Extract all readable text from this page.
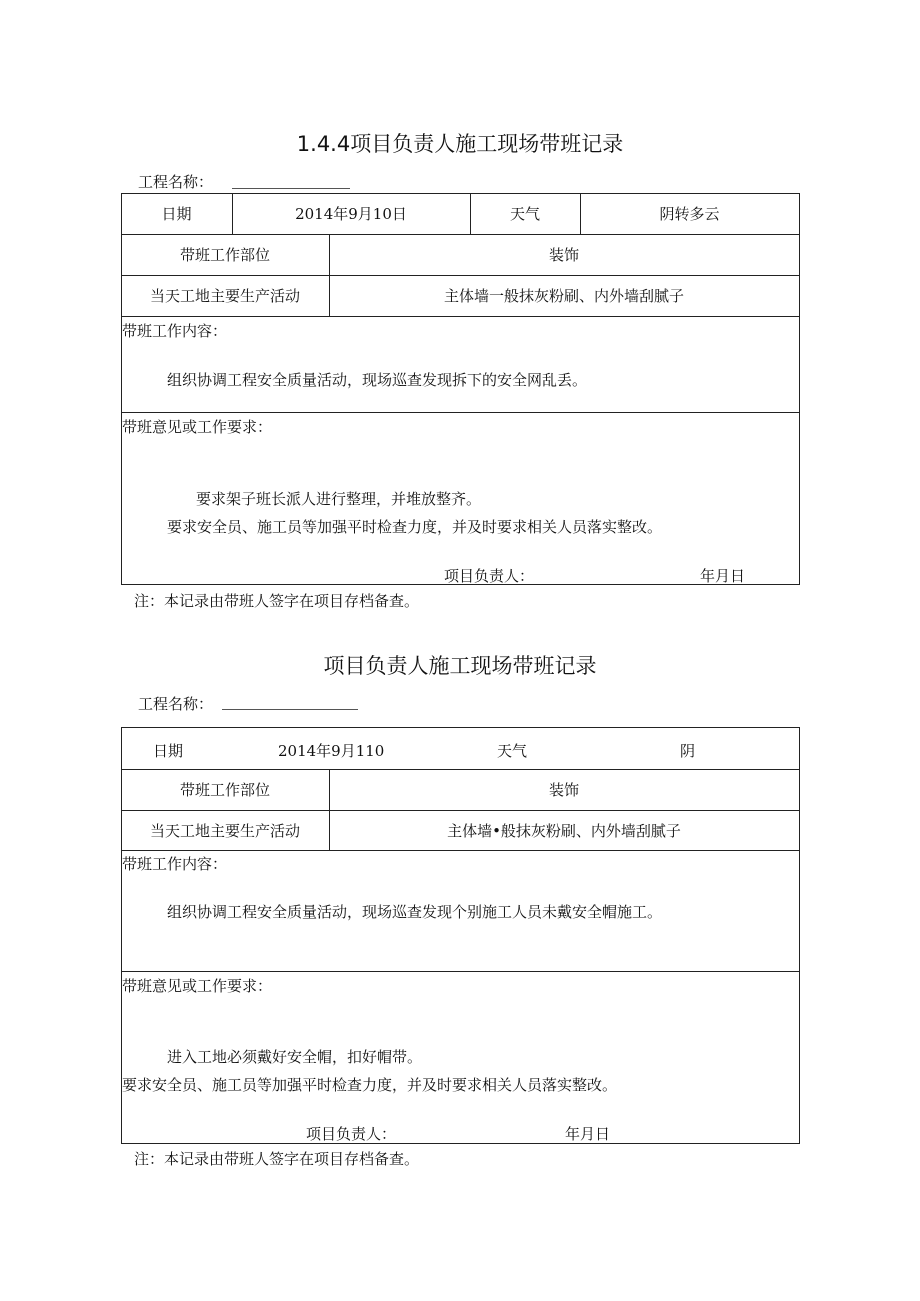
1.4.4项目负责人施工现场带班记录
工程名称：
日期	2014年9月10日	天气	阴转多云
带班工作部位	装饰
当天工地主要生产活动	主体墙一般抹灰粉刷、内外墙刮腻子
带班工作内容：
组织协调工程安全质量活动，现场巡查发现拆下的安全网乱丢。
带班意见或工作要求：
要求架子班长派人进行整理，并堆放整齐。
要求安全员、施工员等加强平时检查力度，并及时要求相关人员落实整改。
项目负责人：	年月日
注：本记录由带班人签字在项目存档备查。
项目负责人施工现场带班记录
工程名称：
日期	2014年9月110	天气	阴
带班工作部位	装饰
当天工地主要生产活动	主体墙•般抹灰粉刷、内外墙刮腻子
带班工作内容：
组织协调工程安全质量活动，现场巡查发现个别施工人员未戴安全帽施工。
带班意见或工作要求：
进入工地必须戴好安全帽，扣好帽带。
要求安全员、施工员等加强平时检查力度，并及时要求相关人员落实整改。
项目负责人：	年月日
注：本记录由带班人签字在项目存档备查。
